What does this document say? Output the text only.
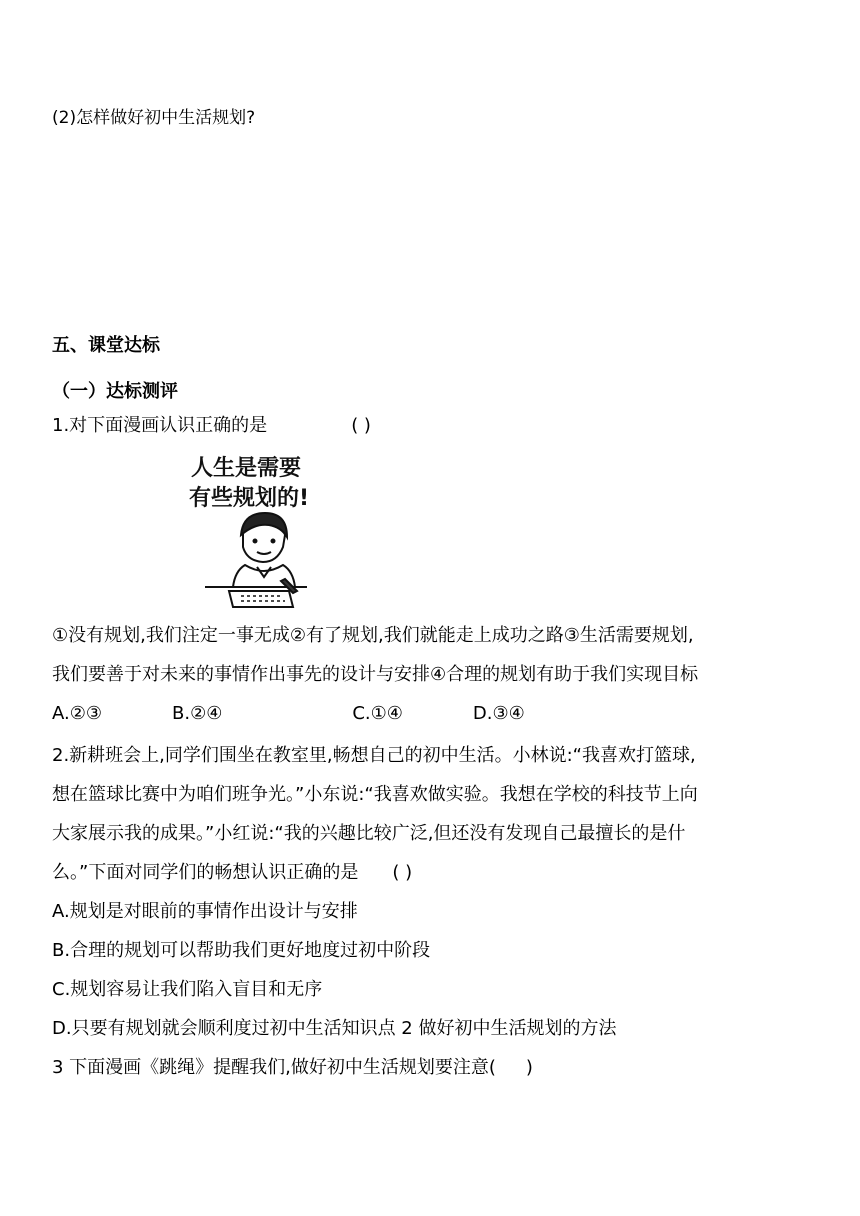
(2)怎样做好初中生活规划?
五、课堂达标
（一）达标测评
1.对下面漫画认识正确的是	( )
人生是需要
有些规划的!
①没有规划,我们注定一事无成②有了规划,我们就能走上成功之路③生活需要规划,
我们要善于对未来的事情作出事先的设计与安排④合理的规划有助于我们实现目标
A.②③	B.②④	C.①④	D.③④
2.新耕班会上,同学们围坐在教室里,畅想自己的初中生活。小林说:“我喜欢打篮球,
想在篮球比赛中为咱们班争光。”小东说:“我喜欢做实验。我想在学校的科技节上向
大家展示我的成果。”小红说:“我的兴趣比较广泛,但还没有发现自己最擅长的是什
么。”下面对同学们的畅想认识正确的是 ( )
A.规划是对眼前的事情作出设计与安排
B.合理的规划可以帮助我们更好地度过初中阶段
C.规划容易让我们陷入盲目和无序
D.只要有规划就会顺利度过初中生活知识点 2 做好初中生活规划的方法
3 下面漫画《跳绳》提醒我们,做好初中生活规划要注意( )
